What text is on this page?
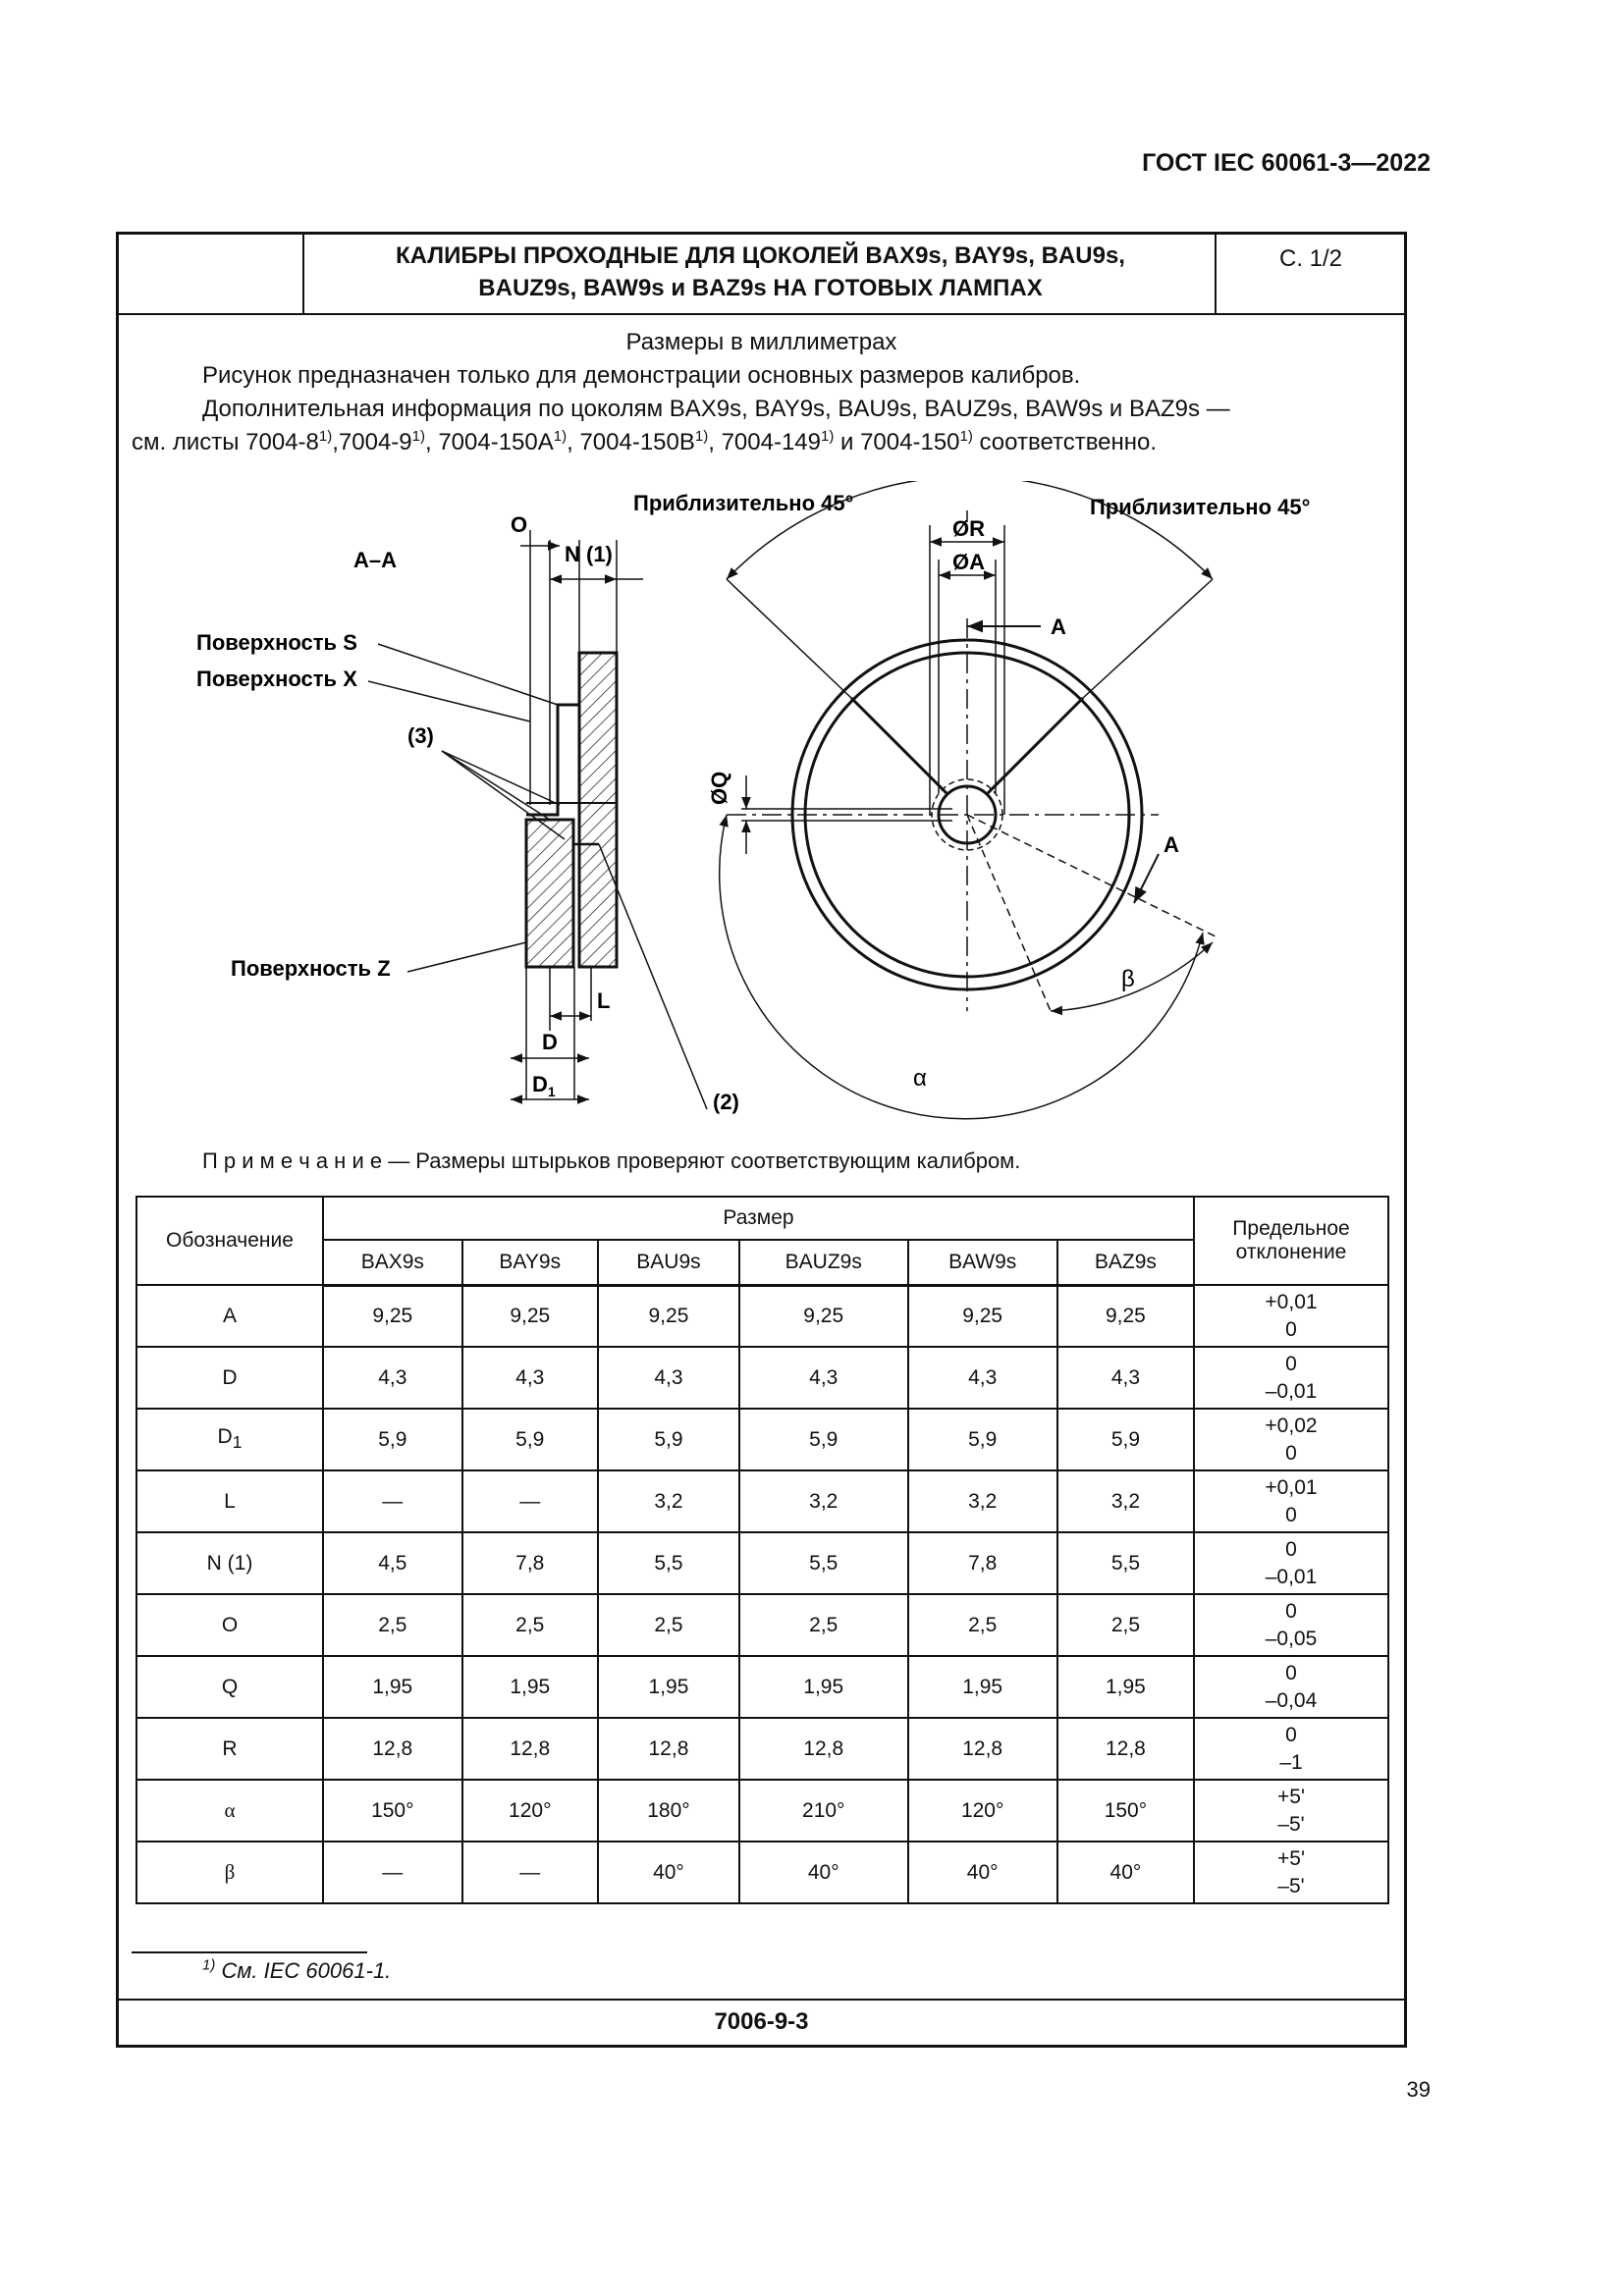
ГОСТ IEC 60061-3—2022
КАЛИБРЫ ПРОХОДНЫЕ ДЛЯ ЦОКОЛЕЙ BAX9s, BAY9s, BAU9s,
BAUZ9s, BAW9s и BAZ9s НА ГОТОВЫХ ЛАМПАХ
С. 1/2
Размеры в миллиметрах
Рисунок предназначен только для демонстрации основных размеров калибров.
Дополнительная информация по цоколям BAX9s, BAY9s, BAU9s, BAUZ9s, BAW9s и BAZ9s —
см. листы 7004-8$^{1)}$,7004-9$^{1)}$, $7004-150A^{1)}$, $7004-150B^{1)}$, 7004-149$^{1)}$ и 7004-150$^{1)}$ соответственно.
A–A
O
N (1)
Поверхность S
Поверхность X
(3)
Поверхность Z
L
D
$D_1$	(2)
Приблизительно 45°	Приблизительно 45°
ØR
ØA
A
A
ØQ
β
α
П р и м е ч а н и е — Размеры штырьков проверяют соответствующим калибром.
Обозначение	Размер						Предельное
отклонение

	BAX9s	BAY9s	BAU9s	BAUZ9s	BAW9s	BAZ9s	
A	9,25	9,25	9,25	9,25	9,25	9,25	+0,01
0

D	4,3	4,3	4,3	4,3	4,3	4,3	0
–0,01

$D_1$	5,9	5,9	5,9	5,9	5,9	5,9	+0,02
0

L	—	—	3,2	3,2	3,2	3,2	+0,01
0

N (1)	4,5	7,8	5,5	5,5	7,8	5,5	0
–0,01

O	2,5	2,5	2,5	2,5	2,5	2,5	0
–0,05

Q	1,95	1,95	1,95	1,95	1,95	1,95	0
–0,04

R	12,8	12,8	12,8	12,8	12,8	12,8	0
–1

α	150°	120°	180°	210°	120°	150°	+5'
–5'

β	—	—	40°	40°	40°	40°	+5'
–5'
$^{1)}$ См. IEC 60061-1.
7006-9-3
39
